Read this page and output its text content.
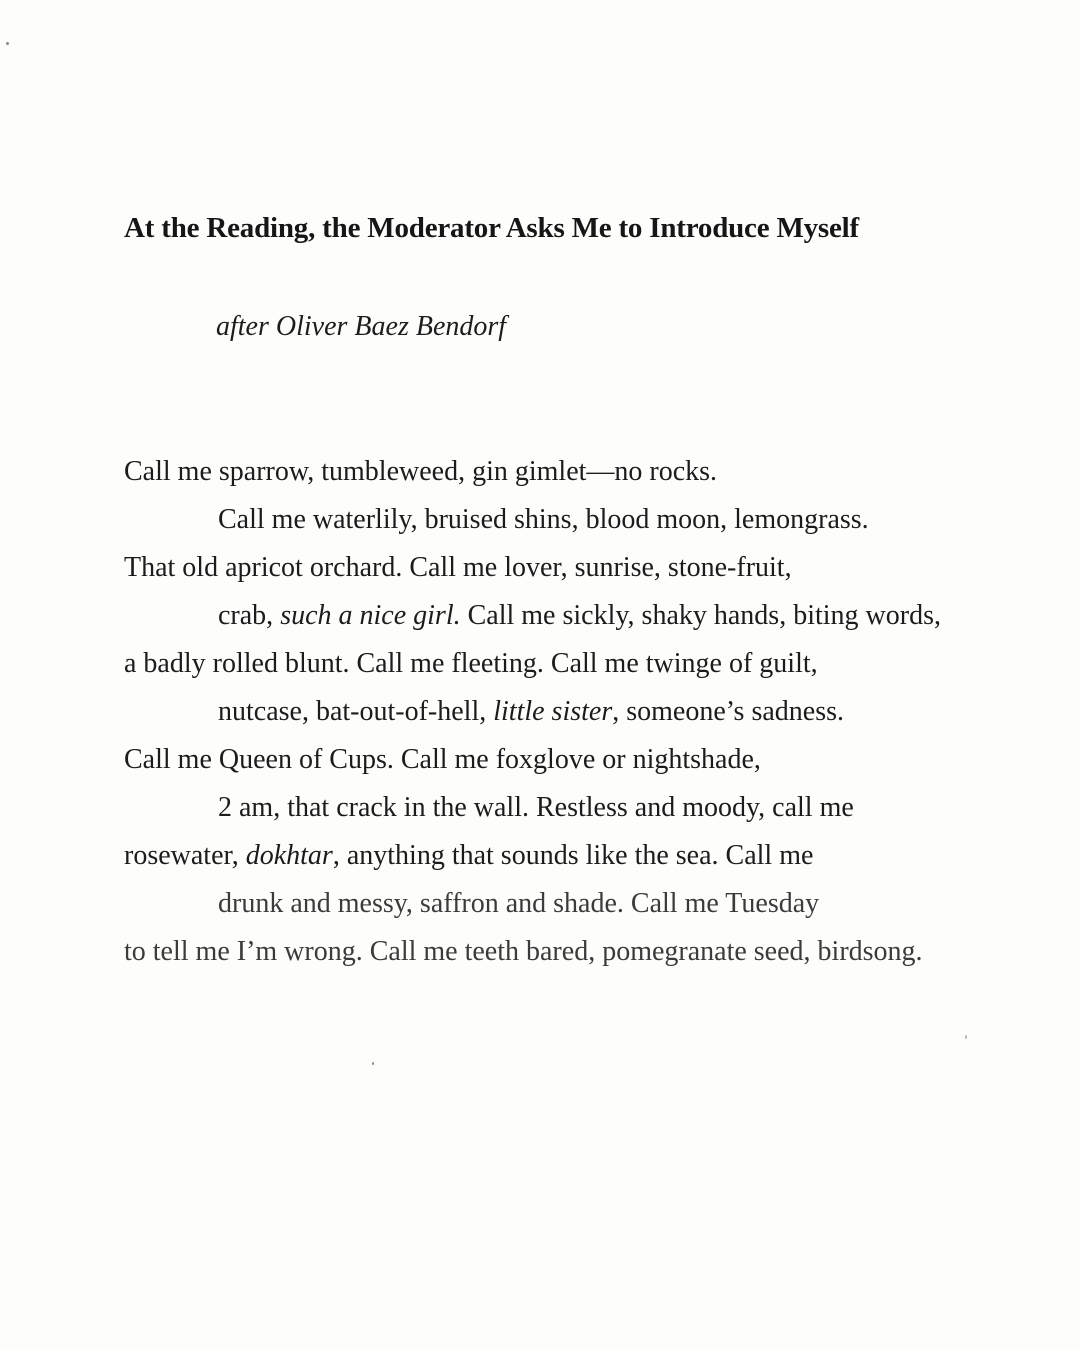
At the Reading, the Moderator Asks Me to Introduce Myself

after Oliver Baez Bendorf

Call me sparrow, tumbleweed, gin gimlet—no rocks.
Call me waterlily, bruised shins, blood moon, lemongrass.
That old apricot orchard. Call me lover, sunrise, stone-fruit,
crab, such a nice girl. Call me sickly, shaky hands, biting words,
a badly rolled blunt. Call me fleeting. Call me twinge of guilt,
nutcase, bat-out-of-hell, little sister, someone’s sadness.
Call me Queen of Cups. Call me foxglove or nightshade,
2 am, that crack in the wall. Restless and moody, call me
rosewater, dokhtar, anything that sounds like the sea. Call me
drunk and messy, saffron and shade. Call me Tuesday
to tell me I’m wrong. Call me teeth bared, pomegranate seed, birdsong.
